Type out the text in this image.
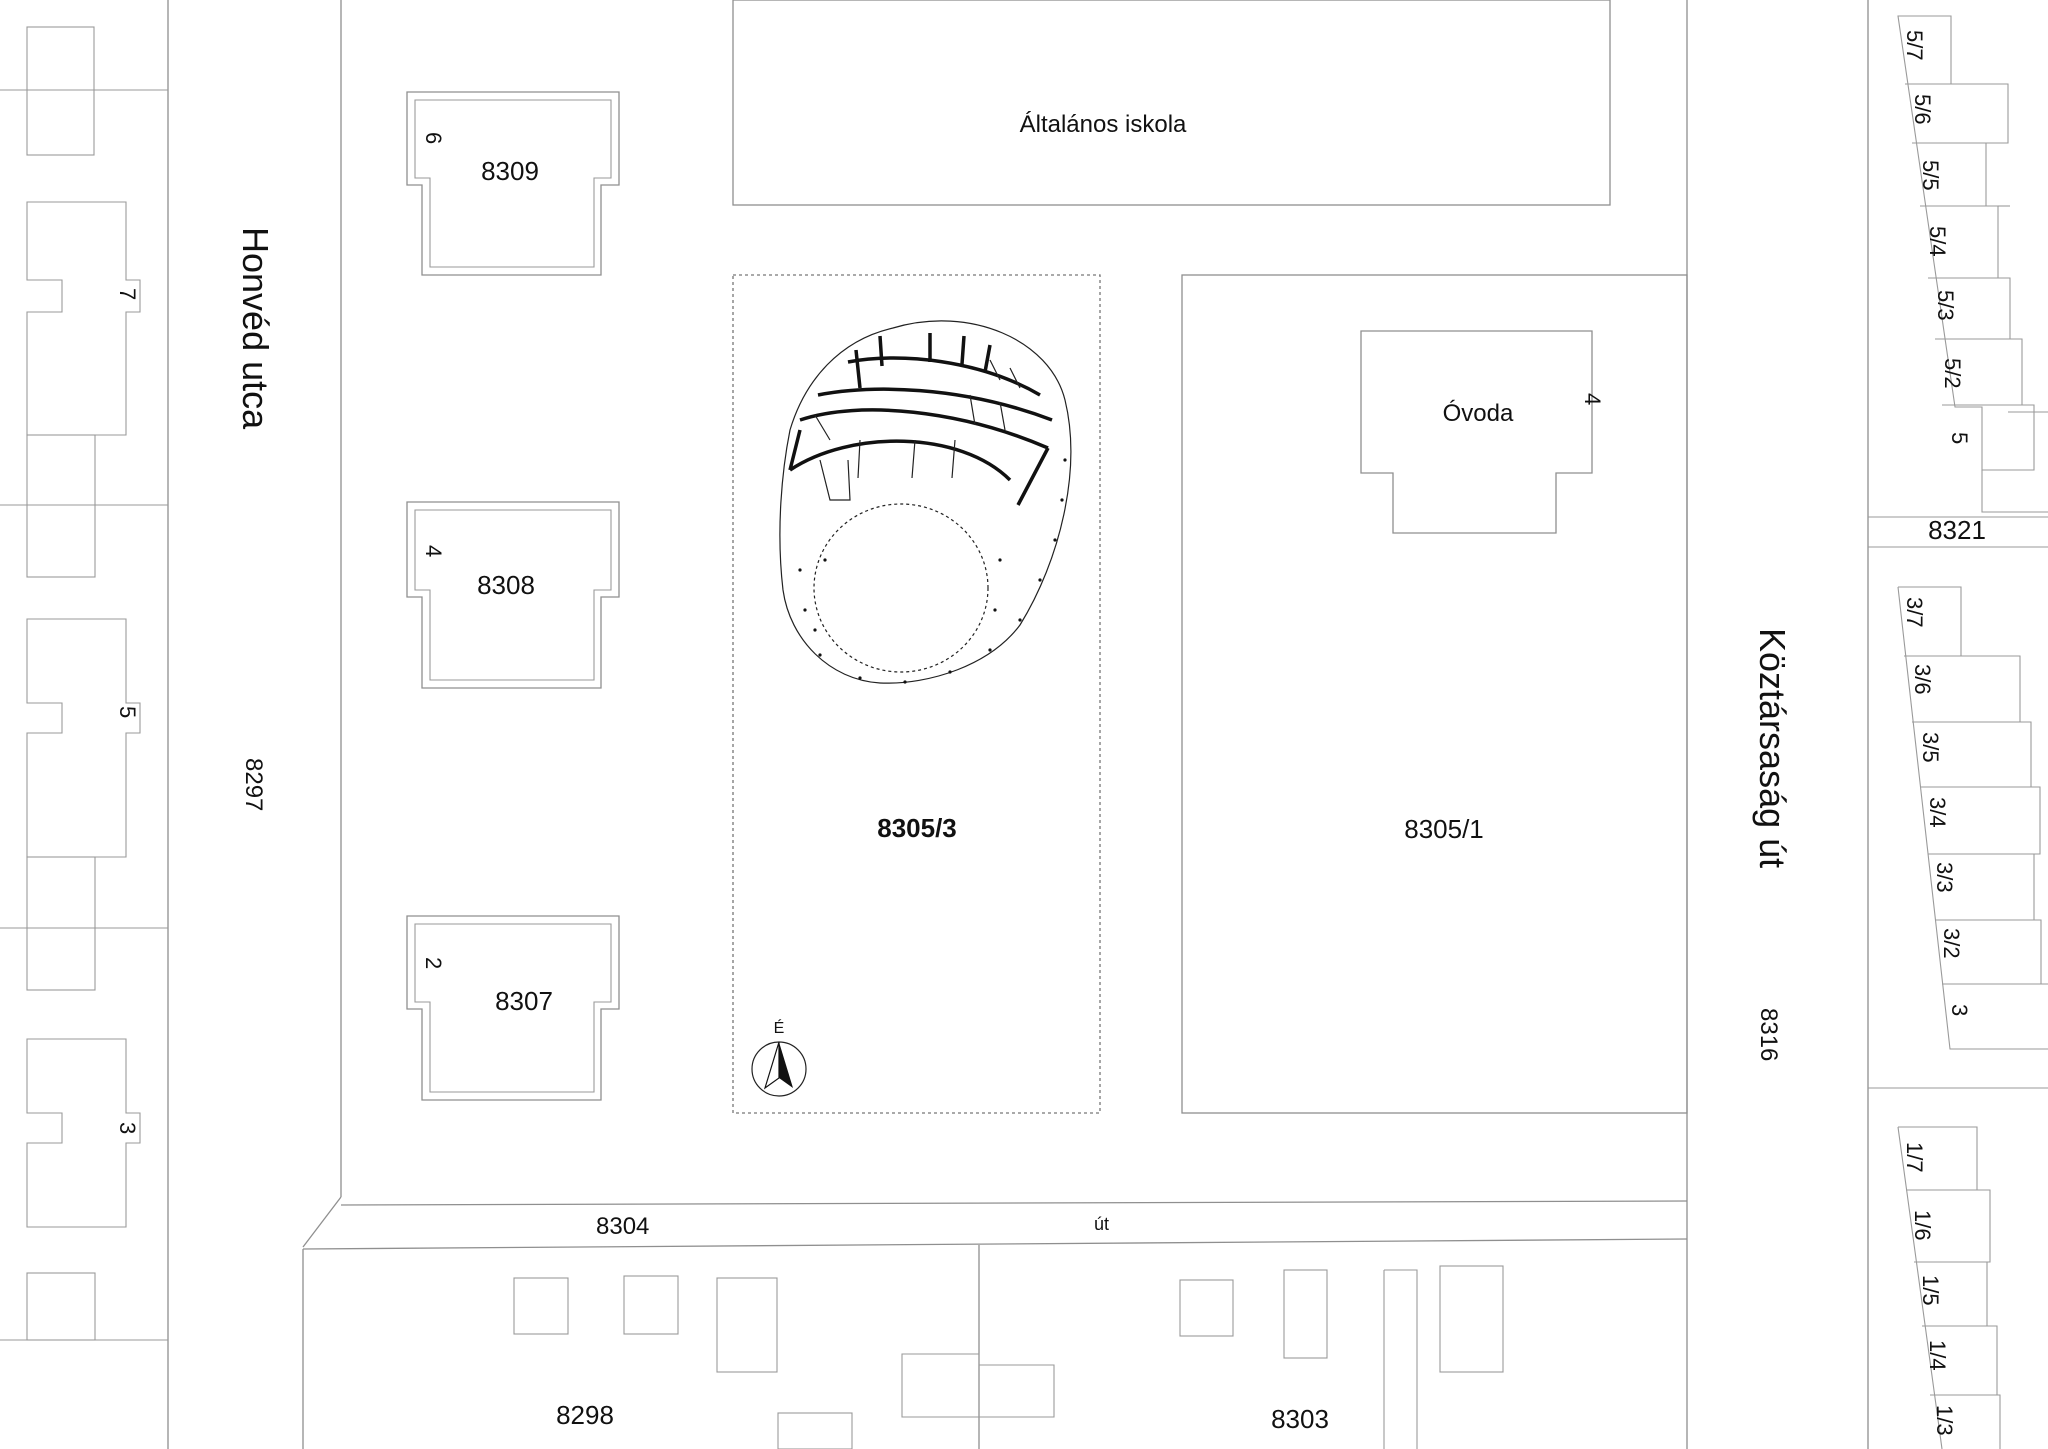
É
Honvéd utca
Köztársaság út
8304	út
Általános iskola
Óvoda
4
8309
8308
8307
8305/3	8305/1
8297
8316
8321
8298	8303
7
5
3
6
4
2
5/7
5/6
5/5
5/4
5/3
5/2
5
3/7
3/6
3/5
3/4
3/3
3/2
3
1/7
1/6
1/5
1/4
1/3
